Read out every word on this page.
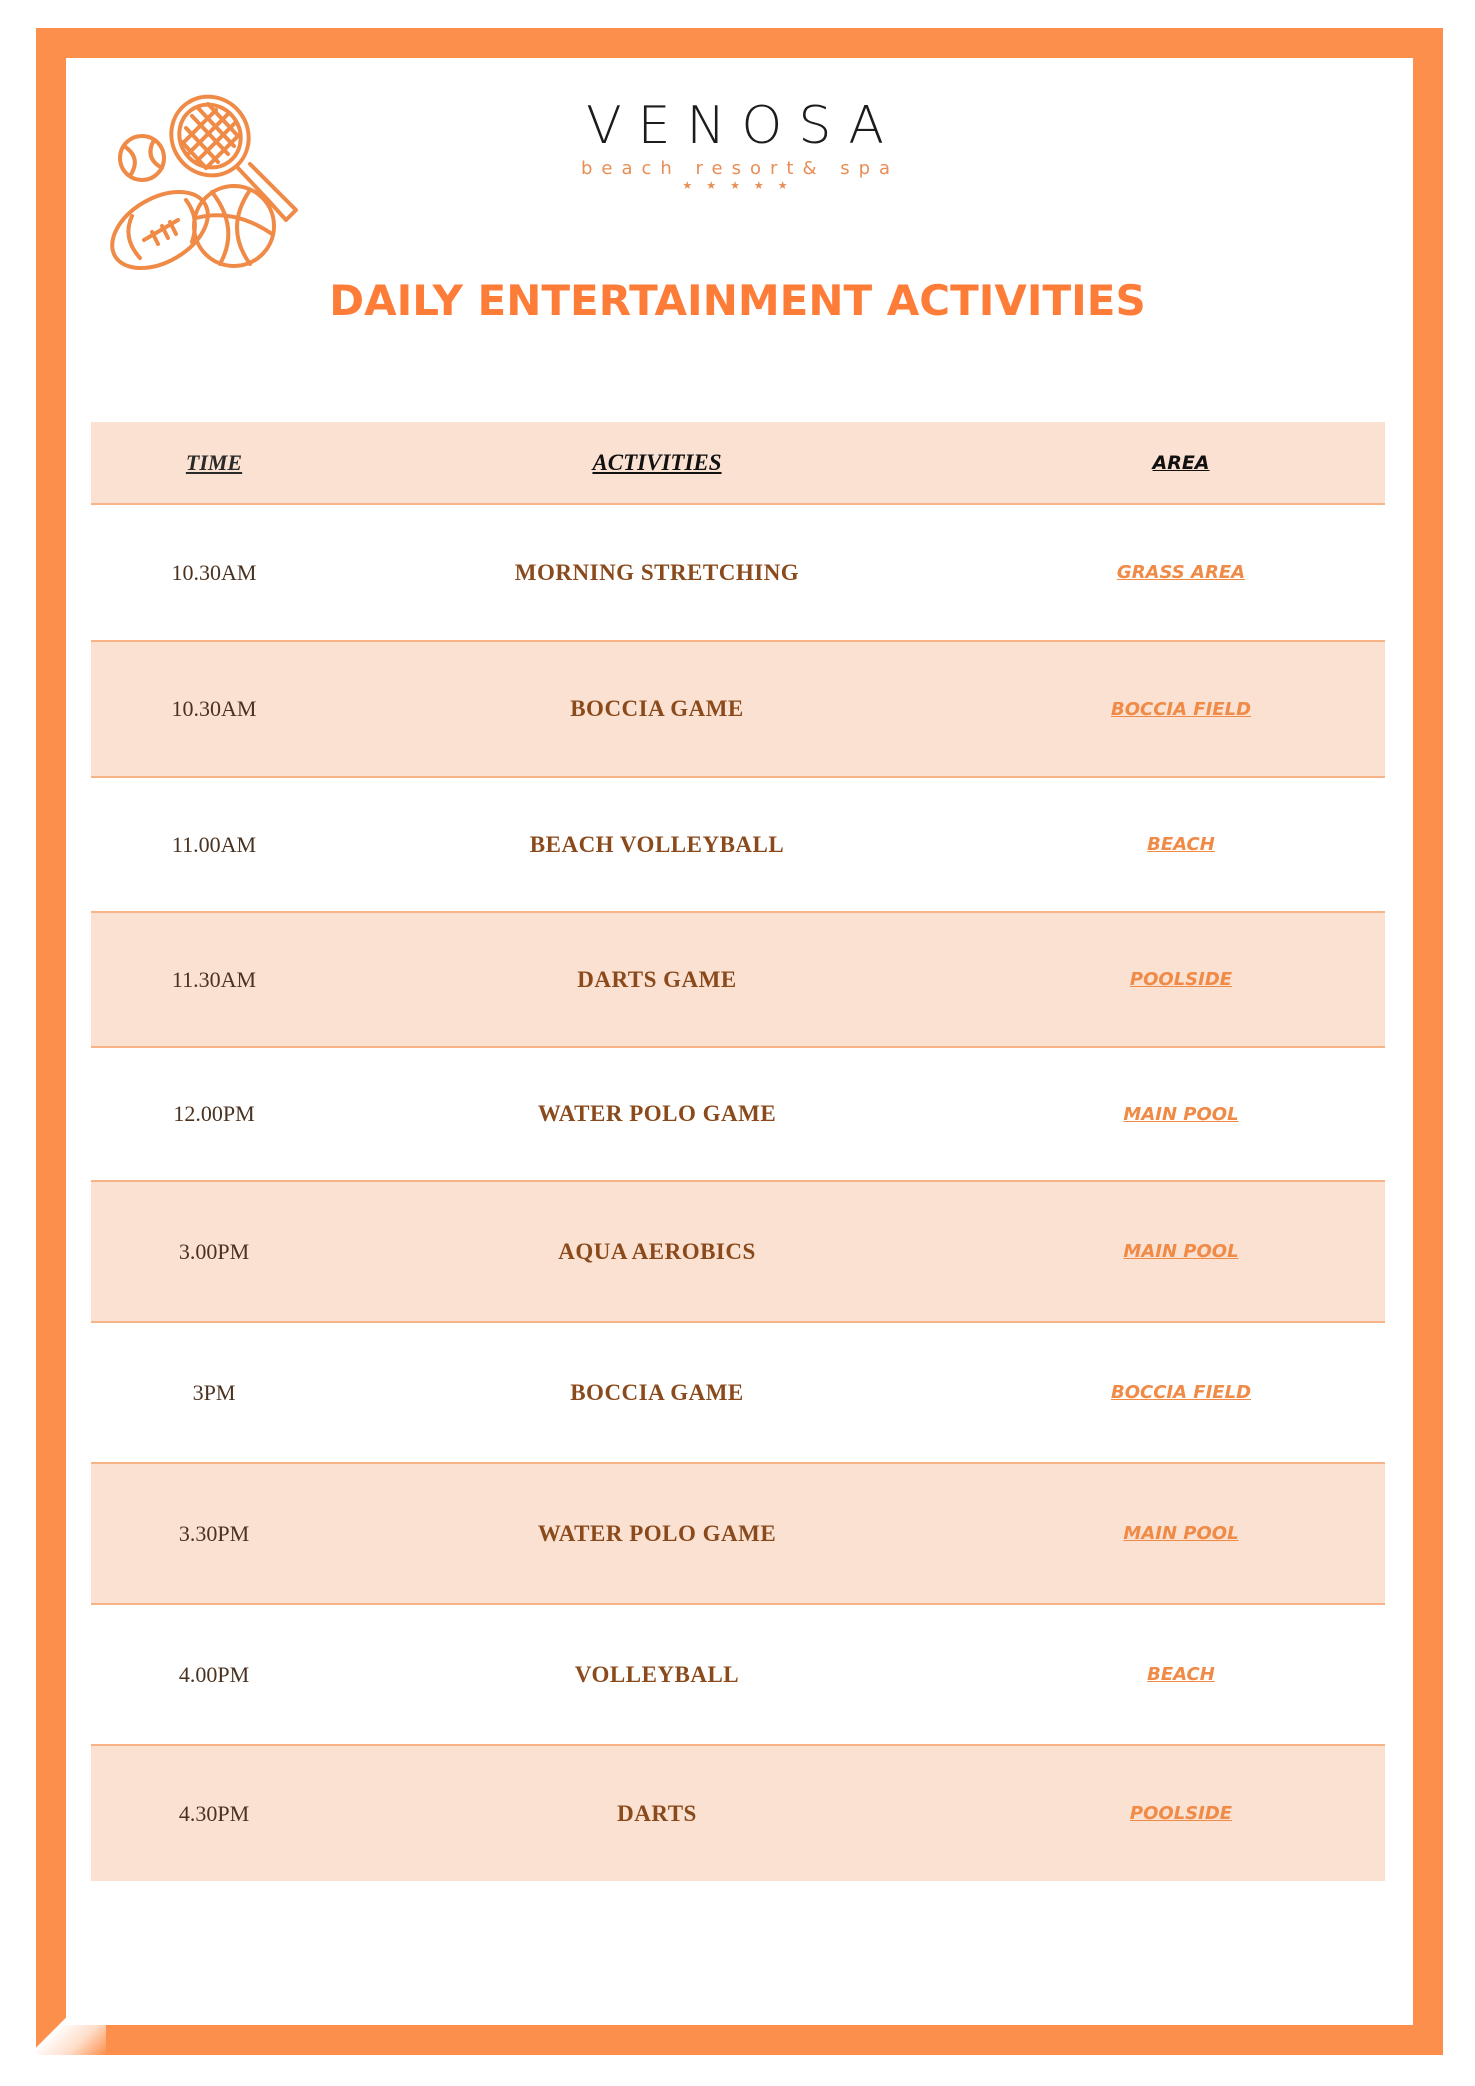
VENOSA
beach resort& spa
★★★★★
DAILY ENTERTAINMENT ACTIVITIES
TIME	ACTIVITIES	AREA
10.30AM	MORNING STRETCHING	GRASS AREA
10.30AM	BOCCIA GAME	BOCCIA FIELD
11.00AM	BEACH VOLLEYBALL	BEACH
11.30AM	DARTS GAME	POOLSIDE
12.00PM	WATER POLO GAME	MAIN POOL
3.00PM	AQUA AEROBICS	MAIN POOL
3PM	BOCCIA GAME	BOCCIA FIELD
3.30PM	WATER POLO GAME	MAIN POOL
4.00PM	VOLLEYBALL	BEACH
4.30PM	DARTS	POOLSIDE
